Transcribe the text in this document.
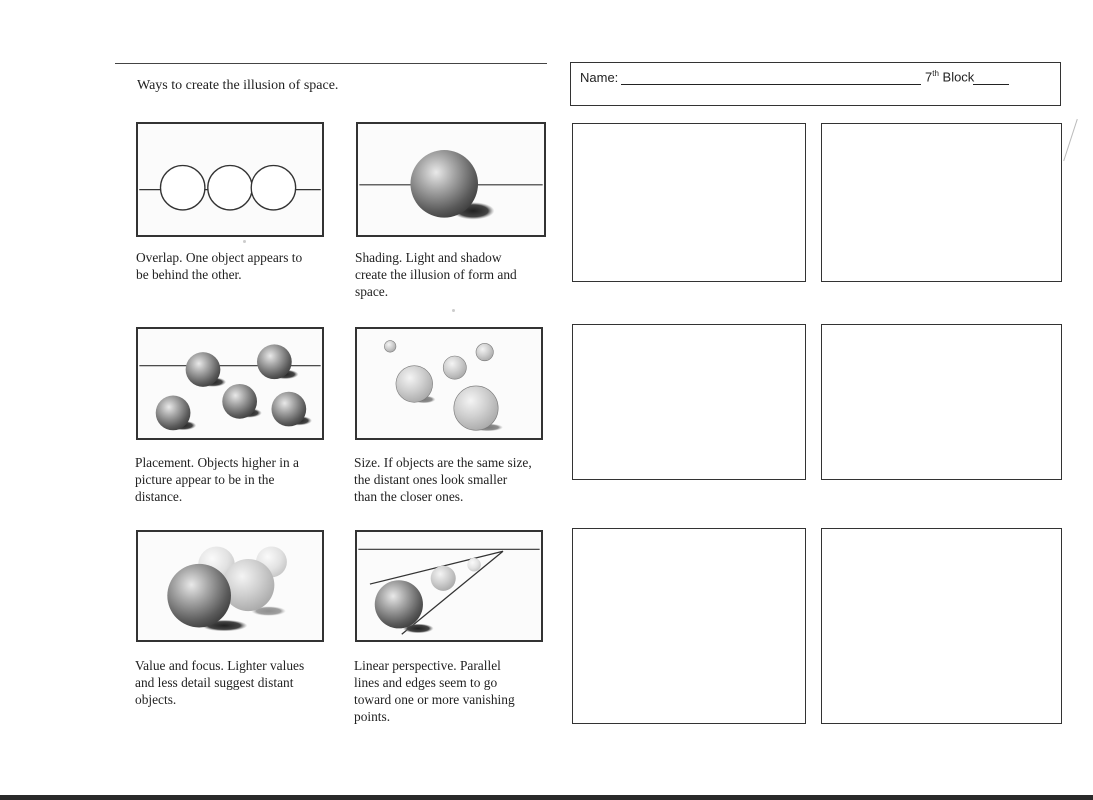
Ways to create the illusion of space.
Overlap. One object appears to
be behind the other.
Shading. Light and shadow
create the illusion of form and
space.
Placement. Objects higher in a
picture appear to be in the
distance.
Size. If objects are the same size,
the distant ones look smaller
than the closer ones.
Value and focus. Lighter values
and less detail suggest distant
objects.
Linear perspective. Parallel
lines and edges seem to go
toward one or more vanishing
points.
Name:	7th Block
